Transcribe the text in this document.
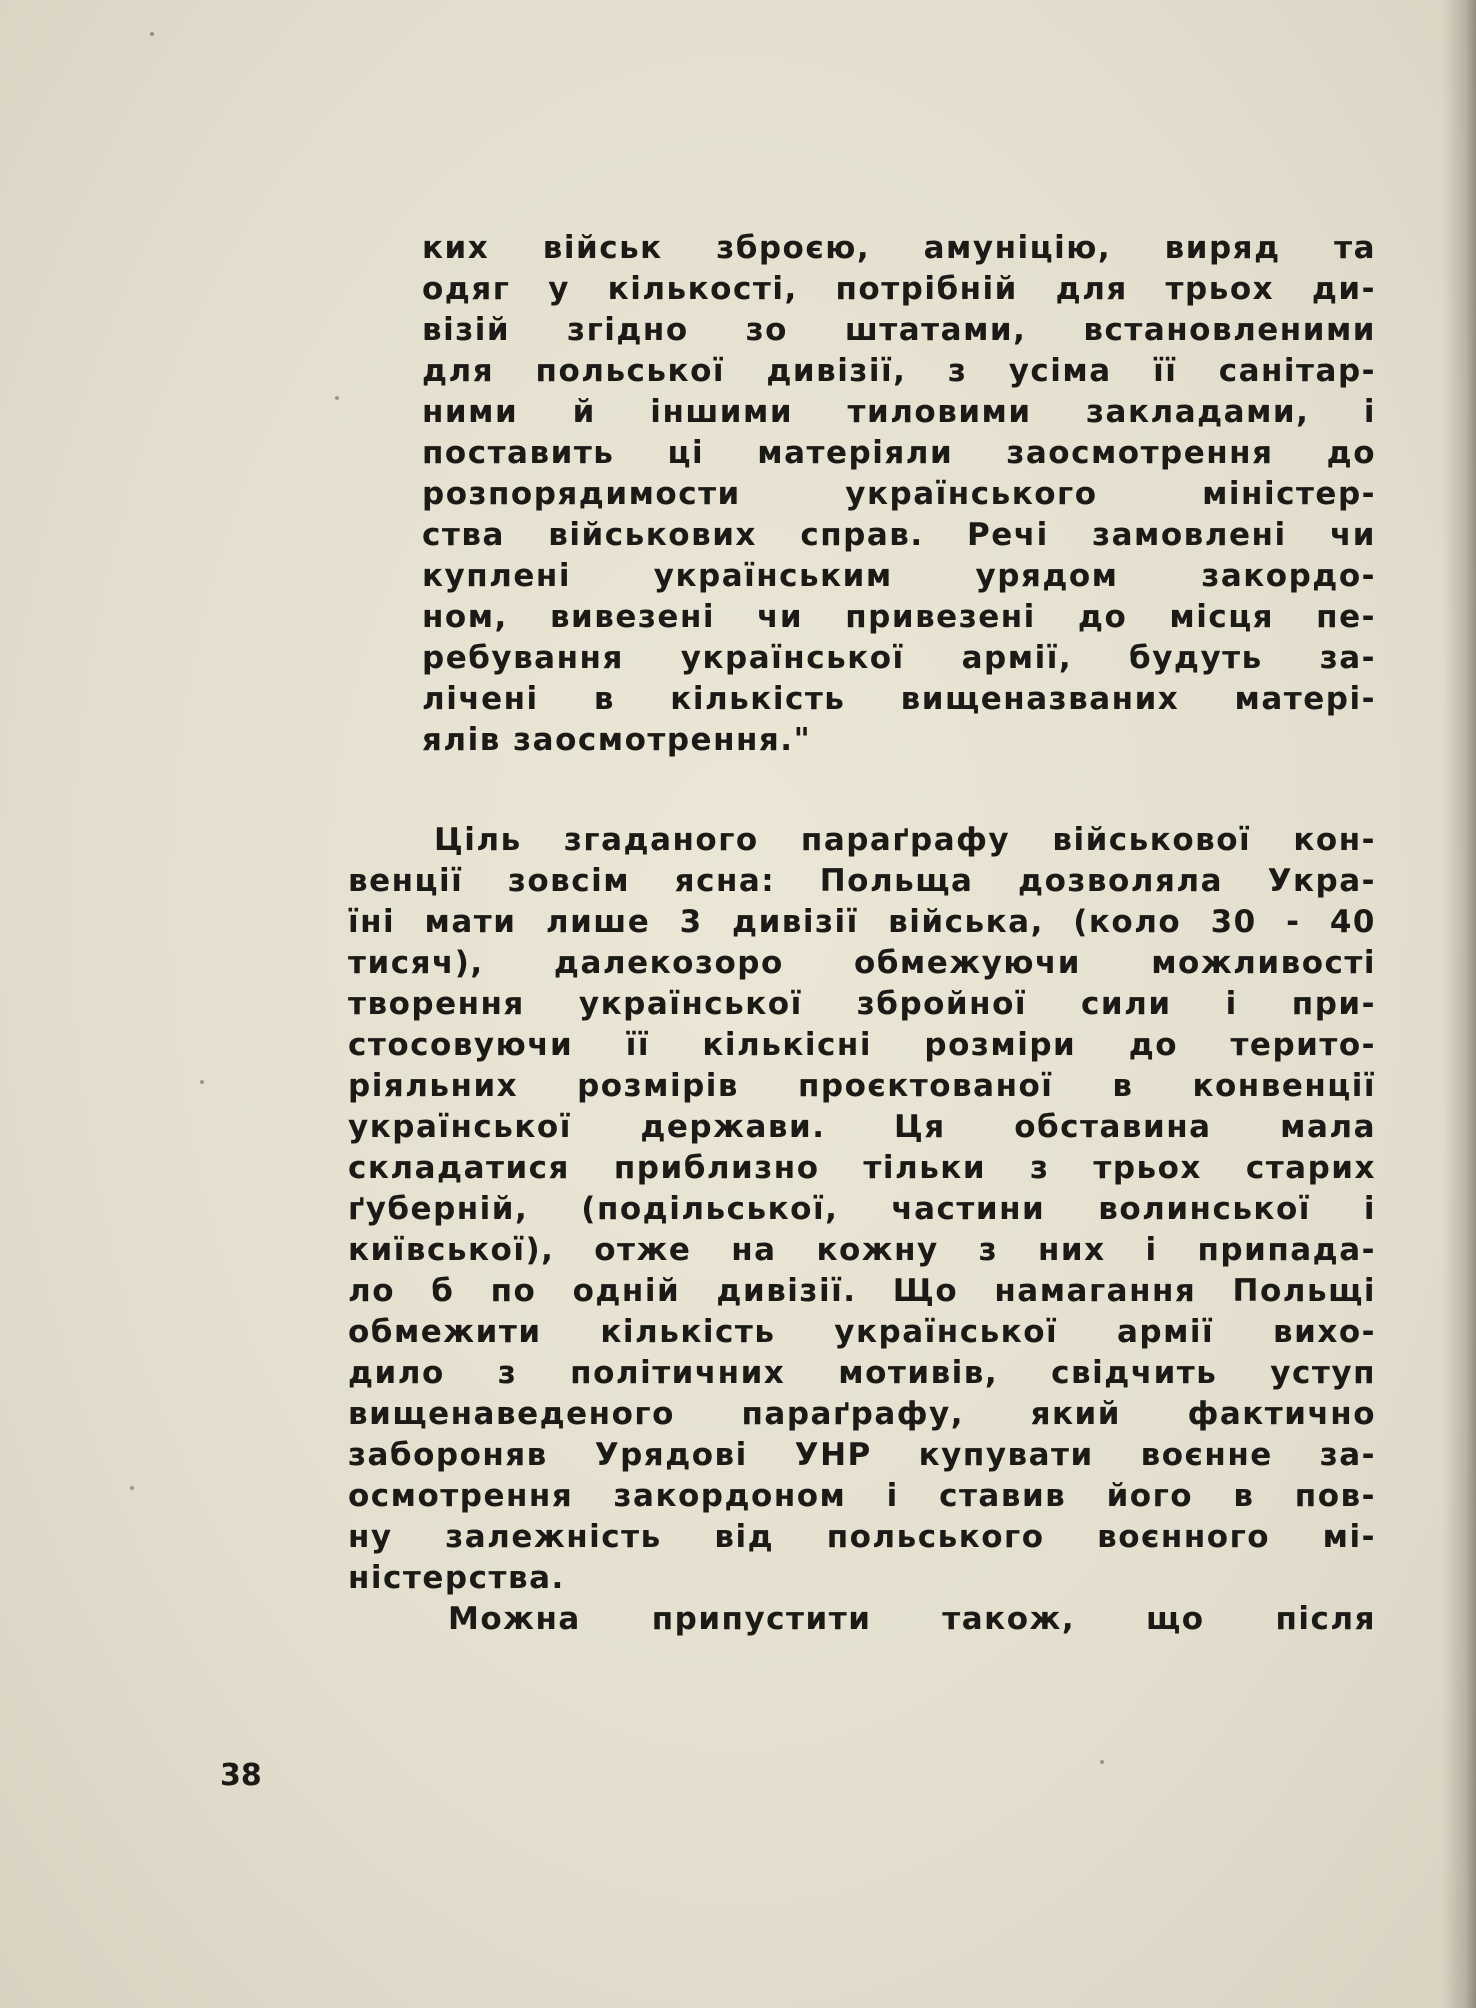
ких військ зброєю, амуніцію, виряд та
одяг у кількості, потрібній для трьох ди-
візій згідно зо штатами, встановленими
для польської дивізії, з усіма її санітар-
ними й іншими тиловими закладами, і
поставить ці матеріяли заосмотрення до
розпорядимости українського міністер-
ства військових справ. Речі замовлені чи
куплені українським урядом закордо-
ном, вивезені чи привезені до місця пе-
ребування української армії, будуть за-
лічені в кількість вищеназваних матері-
ялів заосмотрення."
Ціль згаданого параґрафу військової кон-
венції зовсім ясна: Польща дозволяла Укра-
їні мати лише 3 дивізії війська, (коло 30 - 40
тисяч), далекозоро обмежуючи можливості
творення української збройної сили і при-
стосовуючи її кількісні розміри до терито-
ріяльних розмірів проєктованої в конвенції
української держави. Ця обставина мала
складатися приблизно тільки з трьох старих
ґуберній, (подільської, частини волинської і
київської), отже на кожну з них і припада-
ло б по одній дивізії. Що намагання Польщі
обмежити кількість української армії вихо-
дило з політичних мотивів, свідчить уступ
вищенаведеного параґрафу, який фактично
забороняв Урядові УНР купувати воєнне за-
осмотрення закордоном і ставив його в пов-
ну залежність від польського воєнного мі-
ністерства.
Можна припустити також, що після
38
